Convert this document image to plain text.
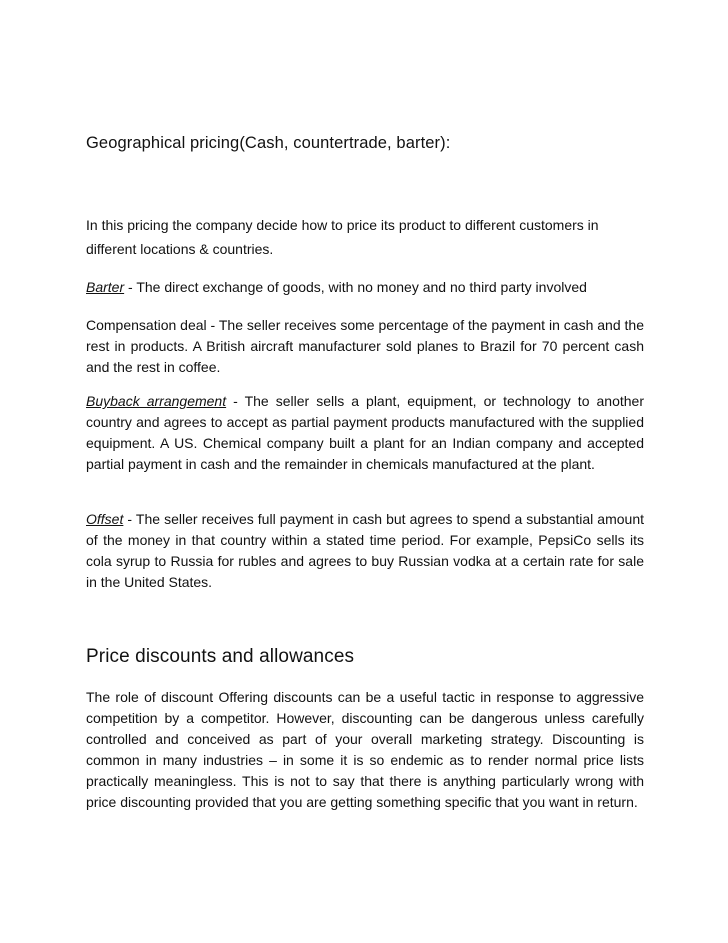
Geographical pricing(Cash, countertrade, barter):
In this pricing the company decide how to price its product to different customers in different locations & countries.
Barter - The direct exchange of goods, with no money and no third party involved
Compensation deal - The seller receives some percentage of the payment in cash and the rest in products. A British aircraft manufacturer sold planes to Brazil for 70 percent cash and the rest in coffee.
Buyback arrangement - The seller sells a plant, equipment, or technology to another country and agrees to accept as partial payment products manufactured with the supplied equipment. A US. Chemical company built a plant for an Indian company and accepted partial payment in cash and the remainder in chemicals manufactured at the plant.
Offset - The seller receives full payment in cash but agrees to spend a substantial amount of the money in that country within a stated time period. For example, PepsiCo sells its cola syrup to Russia for rubles and agrees to buy Russian vodka at a certain rate for sale in the United States.
Price discounts and allowances
The role of discount Offering discounts can be a useful tactic in response to aggressive competition by a competitor. However, discounting can be dangerous unless carefully controlled and conceived as part of your overall marketing strategy. Discounting is common in many industries – in some it is so endemic as to render normal price lists practically meaningless. This is not to say that there is anything particularly wrong with price discounting provided that you are getting something specific that you want in return.
